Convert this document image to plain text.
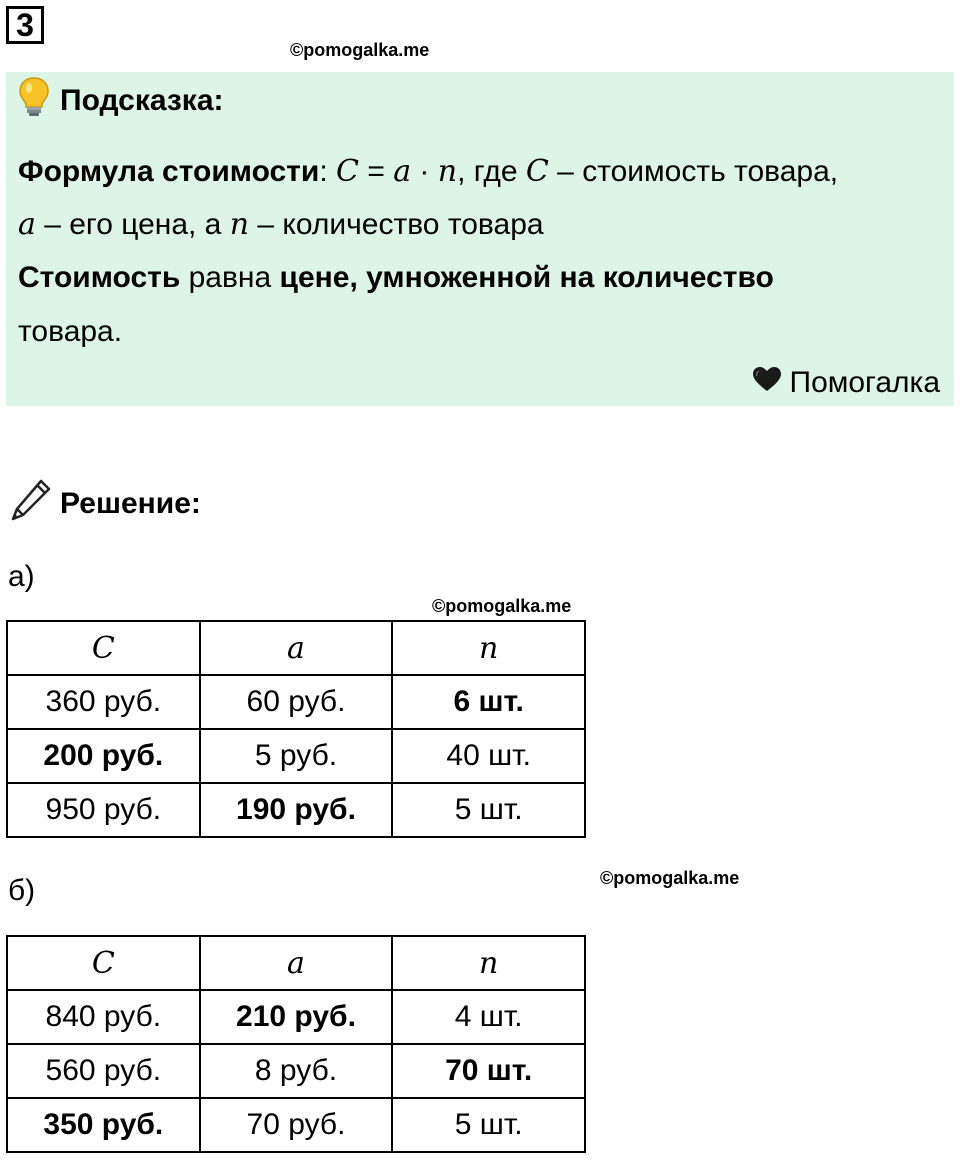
3
©pomogalka.me
Подсказка:
Формула стоимости: C = a · n, где C – стоимость товара,
a – его цена, а n – количество товара
Стоимость равна цене, умноженной на количество
товара.
Помогалка
Решение:
а)
©pomogalka.me
C	a	n
360 руб.	60 руб.	6 шт.
200 руб.	5 руб.	40 шт.
950 руб.	190 руб.	5 шт.
б)	©pomogalka.me
C	a	n
840 руб.	210 руб.	4 шт.
560 руб.	8 руб.	70 шт.
350 руб.	70 руб.	5 шт.
